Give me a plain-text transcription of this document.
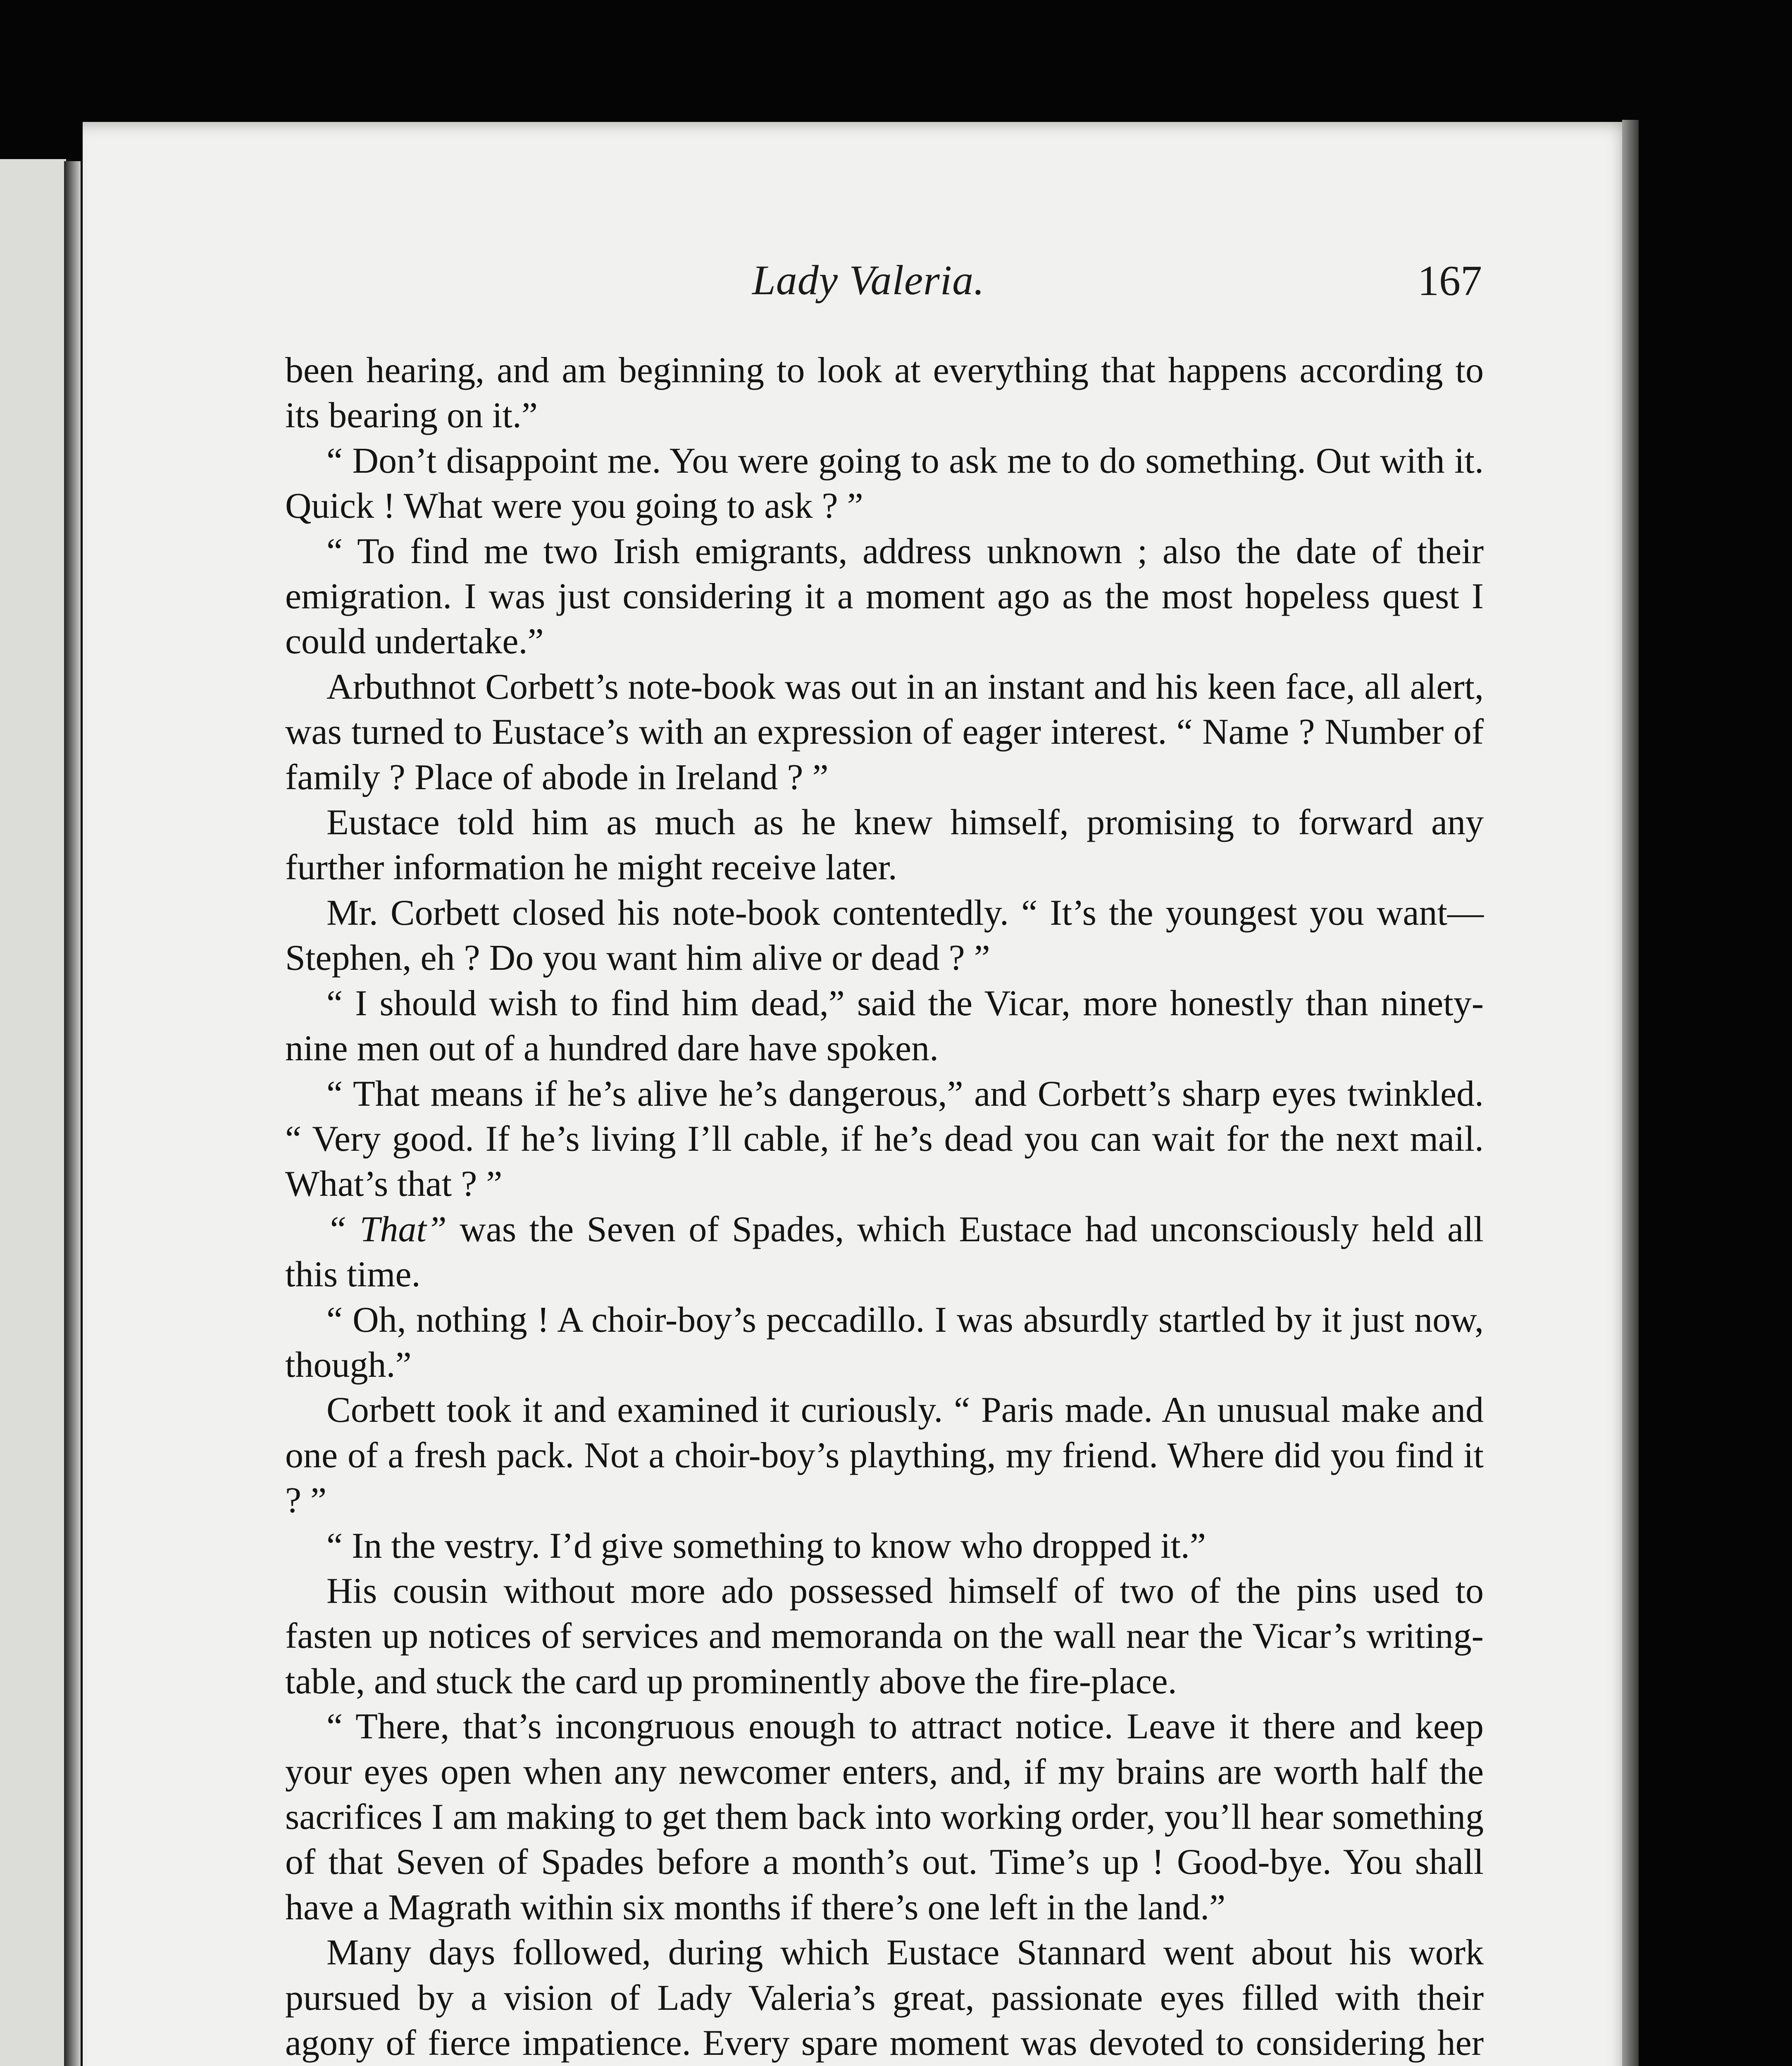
Lady Valeria.	167

been hearing, and am beginning to look at everything that happens according to its bearing on it.”

“ Don’t disappoint me. You were going to ask me to do something. Out with it. Quick ! What were you going to ask ? ”

“ To find me two Irish emigrants, address unknown ; also the date of their emigration. I was just considering it a moment ago as the most hopeless quest I could undertake.”

Arbuthnot Corbett’s note-book was out in an instant and his keen face, all alert, was turned to Eustace’s with an expression of eager interest. “ Name ? Number of family ? Place of abode in Ireland ? ”

Eustace told him as much as he knew himself, promising to forward any further information he might receive later.

Mr. Corbett closed his note-book contentedly. “ It’s the youngest you want—Stephen, eh ? Do you want him alive or dead ? ”

“ I should wish to find him dead,” said the Vicar, more honestly than ninety-nine men out of a hundred dare have spoken.

“ That means if he’s alive he’s dangerous,” and Corbett’s sharp eyes twinkled. “ Very good. If he’s living I’ll cable, if he’s dead you can wait for the next mail. What’s that ? ”

“ That” was the Seven of Spades, which Eustace had unconsciously held all this time.

“ Oh, nothing ! A choir-boy’s peccadillo. I was absurdly startled by it just now, though.”

Corbett took it and examined it curiously. “ Paris made. An unusual make and one of a fresh pack. Not a choir-boy’s plaything, my friend. Where did you find it ? ”

“ In the vestry. I’d give something to know who dropped it.”

His cousin without more ado possessed himself of two of the pins used to fasten up notices of services and memoranda on the wall near the Vicar’s writing-table, and stuck the card up prominently above the fire-place.

“ There, that’s incongruous enough to attract notice. Leave it there and keep your eyes open when any newcomer enters, and, if my brains are worth half the sacrifices I am making to get them back into working order, you’ll hear something of that Seven of Spades before a month’s out. Time’s up ! Good-bye. You shall have a Magrath within six months if there’s one left in the land.”

Many days followed, during which Eustace Stannard went about his work pursued by a vision of Lady Valeria’s great, passionate eyes filled with their agony of fierce impatience. Every spare moment was devoted to considering her
